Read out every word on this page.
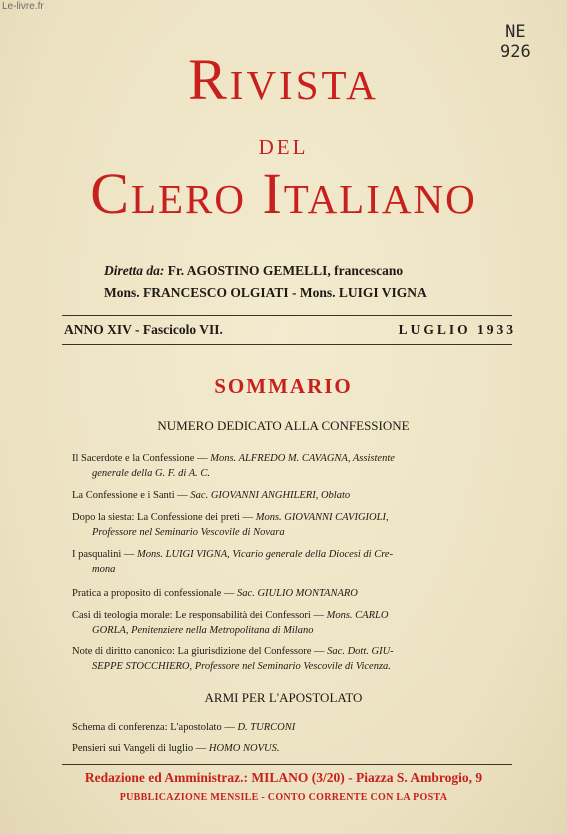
Le-livre.fr
NE
926
Rivista
del
Clero Italiano
Diretta da: Fr. AGOSTINO GEMELLI, francescano
Mons. FRANCESCO OLGIATI - Mons. LUIGI VIGNA
ANNO XIV - Fascicolo VII.	LUGLIO 1933
SOMMARIO
NUMERO DEDICATO ALLA CONFESSIONE
Il Sacerdote e la Confessione — Mons. ALFREDO M. CAVAGNA, Assistente
generale della G. F. di A. C.
La Confessione e i Santi — Sac. GIOVANNI ANGHILERI, Oblato
Dopo la siesta: La Confessione dei preti — Mons. GIOVANNI CAVIGIOLI,
Professore nel Seminario Vescovile di Novara
I pasqualini — Mons. LUIGI VIGNA, Vicario generale della Diocesi di Cre-
mona
Pratica a proposito di confessionale — Sac. GIULIO MONTANARO
Casi di teologia morale: Le responsabilità dei Confessori — Mons. CARLO
GORLA, Penitenziere nella Metropolitana di Milano
Note di diritto canonico: La giurisdizione del Confessore — Sac. Dott. GIU-
SEPPE STOCCHIERO, Professore nel Seminario Vescovile di Vicenza.
ARMI PER L'APOSTOLATO
Schema di conferenza: L'apostolato — D. TURCONI
Pensieri sui Vangeli di luglio — HOMO NOVUS.
Redazione ed Amministraz.: MILANO (3/20) - Piazza S. Ambrogio, 9
PUBBLICAZIONE MENSILE - CONTO CORRENTE CON LA POSTA
